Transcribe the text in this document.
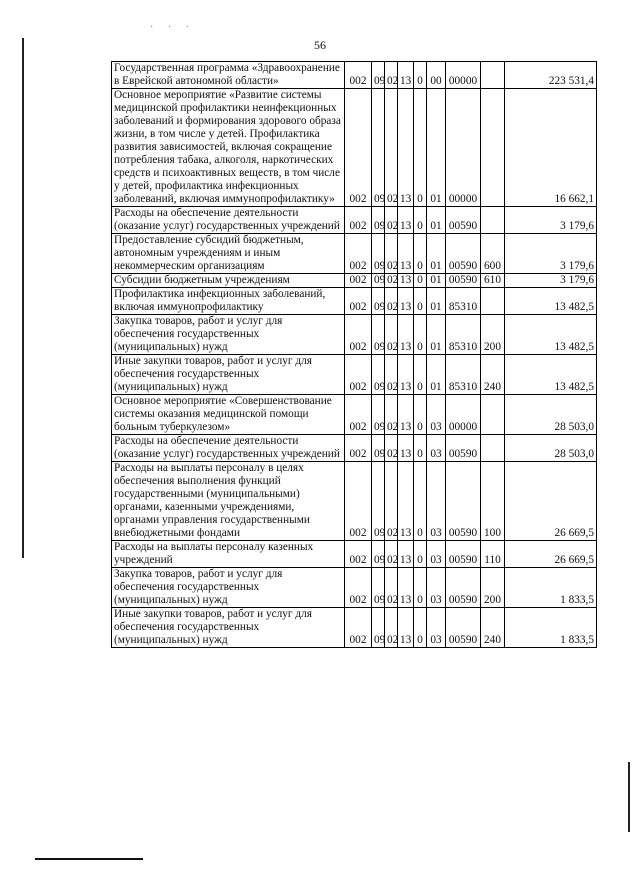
· · ·
56
Государственная программа «Здравоохранение в Еврейской автономной области»	002	09	02	13	0	00	00000		223 531,4

Основное мероприятие «Развитие системы медицинской профилактики неинфекционных заболеваний и формирования здорового образа жизни, в том числе у детей. Профилактика развития зависимостей, включая сокращение потребления табака, алкоголя, наркотических средств и психоактивных веществ, в том числе у детей, профилактика инфекционных заболеваний, включая иммунопрофилактику»	002	09	02	13	0	01	00000		16 662,1

Расходы на обеспечение деятельности (оказание услуг) государственных учреждений	002	09	02	13	0	01	00590		3 179,6

Предоставление субсидий бюджетным, автономным учреждениям и иным некоммерческим организациям	002	09	02	13	0	01	00590	600	3 179,6

Субсидии бюджетным учреждениям	002	09	02	13	0	01	00590	610	3 179,6

Профилактика инфекционных заболеваний, включая иммунопрофилактику	002	09	02	13	0	01	85310		13 482,5

Закупка товаров, работ и услуг для обеспечения государственных (муниципальных) нужд	002	09	02	13	0	01	85310	200	13 482,5

Иные закупки товаров, работ и услуг для обеспечения государственных (муниципальных) нужд	002	09	02	13	0	01	85310	240	13 482,5

Основное мероприятие «Совершенствование системы оказания медицинской помощи больным туберкулезом»	002	09	02	13	0	03	00000		28 503,0

Расходы на обеспечение деятельности (оказание услуг) государственных учреждений	002	09	02	13	0	03	00590		28 503,0

Расходы на выплаты персоналу в целях обеспечения выполнения функций государственными (муниципальными) органами, казенными учреждениями, органами управления государственными внебюджетными фондами	002	09	02	13	0	03	00590	100	26 669,5

Расходы на выплаты персоналу казенных учреждений	002	09	02	13	0	03	00590	110	26 669,5

Закупка товаров, работ и услуг для обеспечения государственных (муниципальных) нужд	002	09	02	13	0	03	00590	200	1 833,5

Иные закупки товаров, работ и услуг для обеспечения государственных (муниципальных) нужд	002	09	02	13	0	03	00590	240	1 833,5
